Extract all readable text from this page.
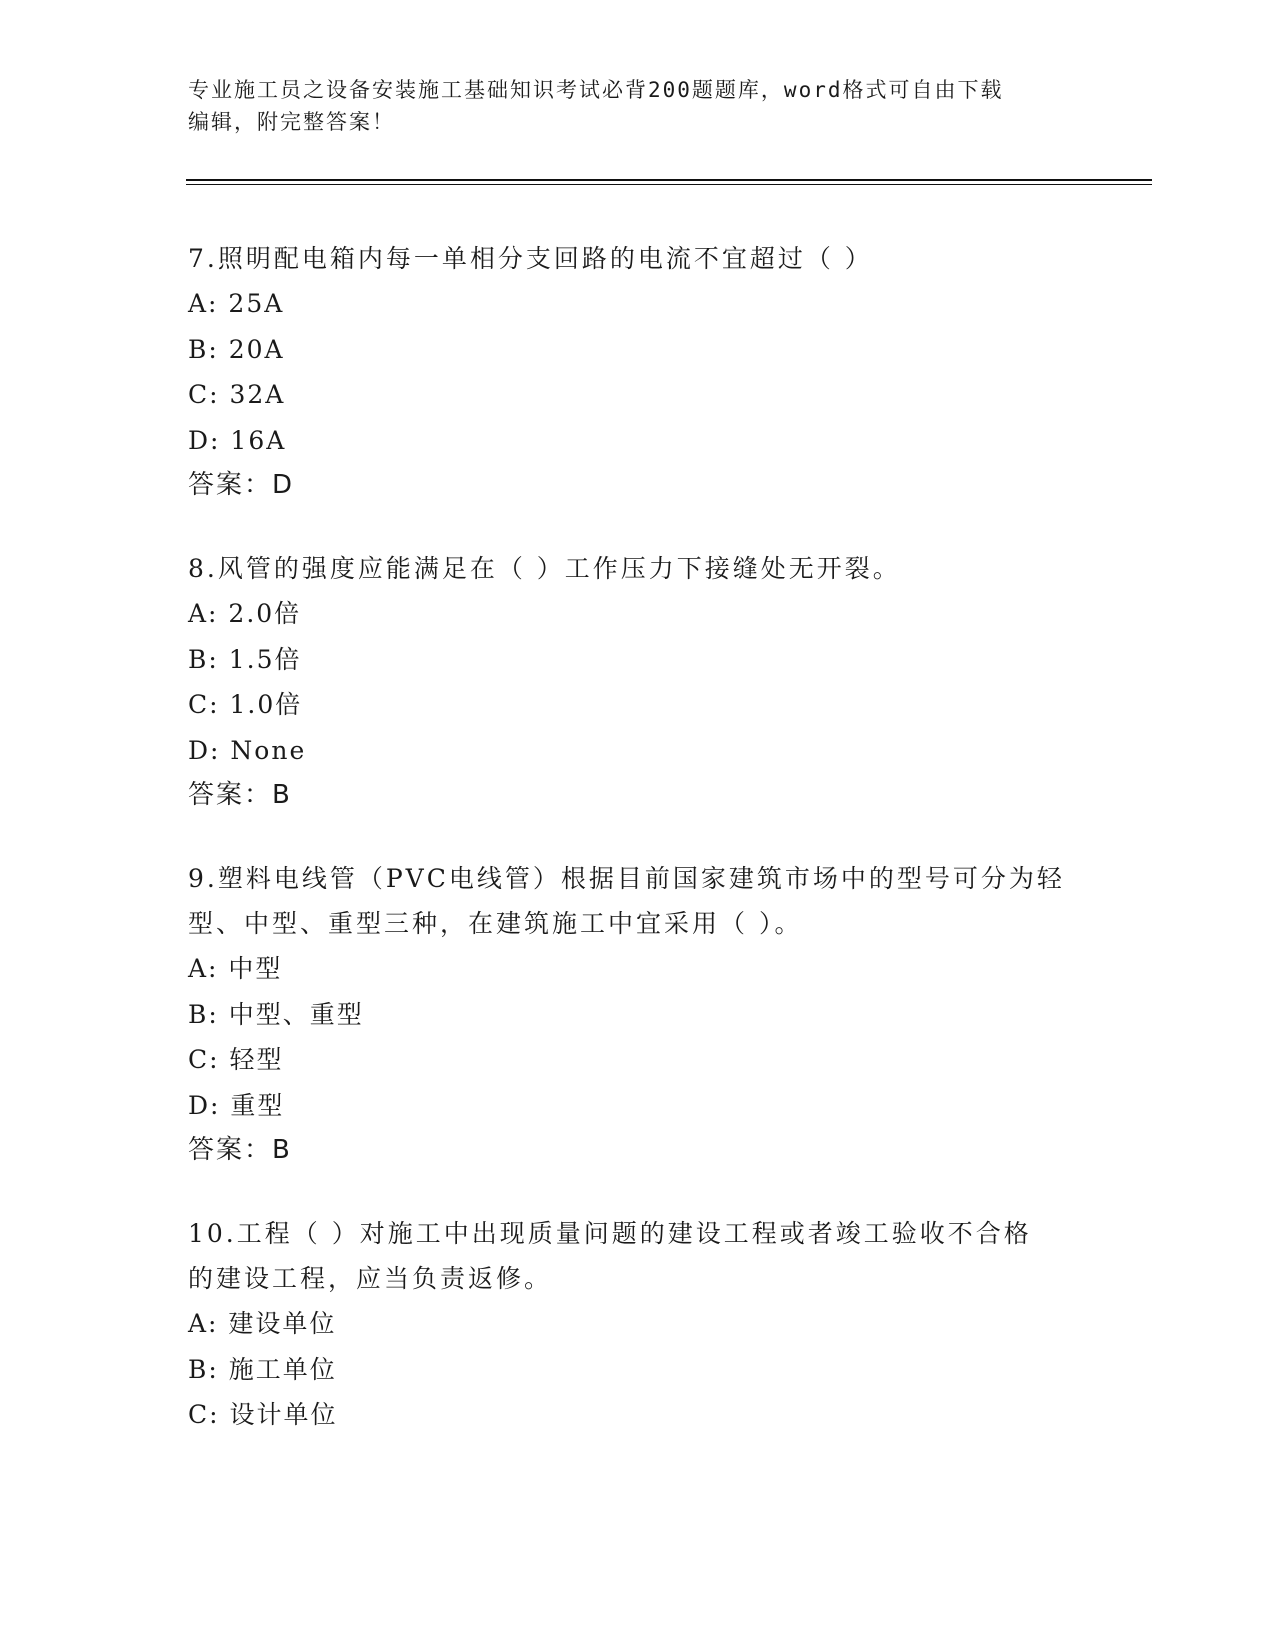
专业施工员之设备安装施工基础知识考试必背200题题库，word格式可自由下载
编辑，附完整答案！
7.照明配电箱内每一单相分支回路的电流不宜超过（ ）
A: 25A
B: 20A
C: 32A
D: 16A
答案：D
8.风管的强度应能满足在（ ）工作压力下接缝处无开裂。
A: 2.0倍
B: 1.5倍
C: 1.0倍
D: None
答案：B
9.塑料电线管（PVC电线管）根据目前国家建筑市场中的型号可分为轻
型、中型、重型三种，在建筑施工中宜采用（ ）。
A: 中型
B: 中型、重型
C: 轻型
D: 重型
答案：B
10.工程（ ）对施工中出现质量问题的建设工程或者竣工验收不合格
的建设工程，应当负责返修。
A: 建设单位
B: 施工单位
C: 设计单位
